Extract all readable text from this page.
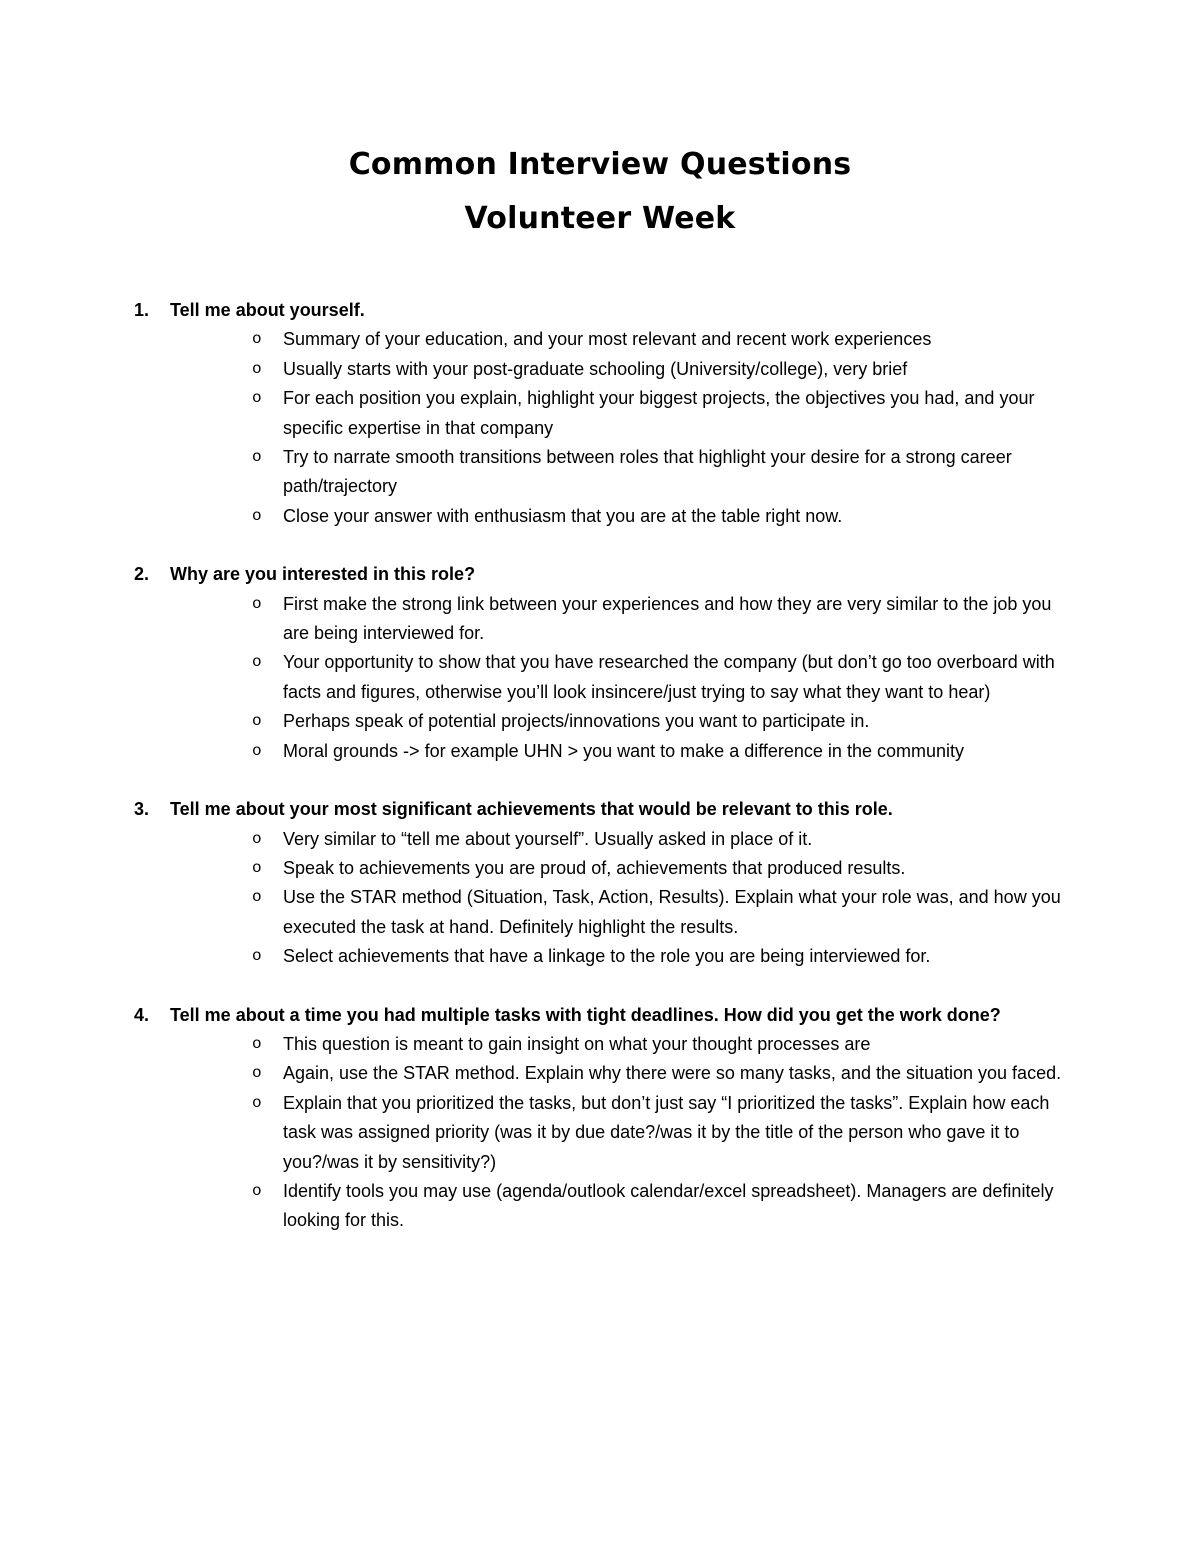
Common Interview Questions
Volunteer Week
1.	Tell me about yourself.
o Summary of your education, and your most relevant and recent work experiences
o Usually starts with your post-graduate schooling (University/college), very brief
o For each position you explain, highlight your biggest projects, the objectives you had, and your specific expertise in that company
o Try to narrate smooth transitions between roles that highlight your desire for a strong career path/trajectory
o Close your answer with enthusiasm that you are at the table right now.
2.	Why are you interested in this role?
o First make the strong link between your experiences and how they are very similar to the job you are being interviewed for.
o Your opportunity to show that you have researched the company (but don’t go too overboard with facts and figures, otherwise you’ll look insincere/just trying to say what they want to hear)
o Perhaps speak of potential projects/innovations you want to participate in.
o Moral grounds -> for example UHN > you want to make a difference in the community
3.	Tell me about your most significant achievements that would be relevant to this role.
o Very similar to “tell me about yourself”. Usually asked in place of it.
o Speak to achievements you are proud of, achievements that produced results.
o Use the STAR method (Situation, Task, Action, Results). Explain what your role was, and how you executed the task at hand. Definitely highlight the results.
o Select achievements that have a linkage to the role you are being interviewed for.
4.	Tell me about a time you had multiple tasks with tight deadlines. How did you get the work done?
o This question is meant to gain insight on what your thought processes are
o Again, use the STAR method. Explain why there were so many tasks, and the situation you faced.
o Explain that you prioritized the tasks, but don’t just say “I prioritized the tasks”. Explain how each task was assigned priority (was it by due date?/was it by the title of the person who gave it to you?/was it by sensitivity?)
o Identify tools you may use (agenda/outlook calendar/excel spreadsheet). Managers are definitely looking for this.
